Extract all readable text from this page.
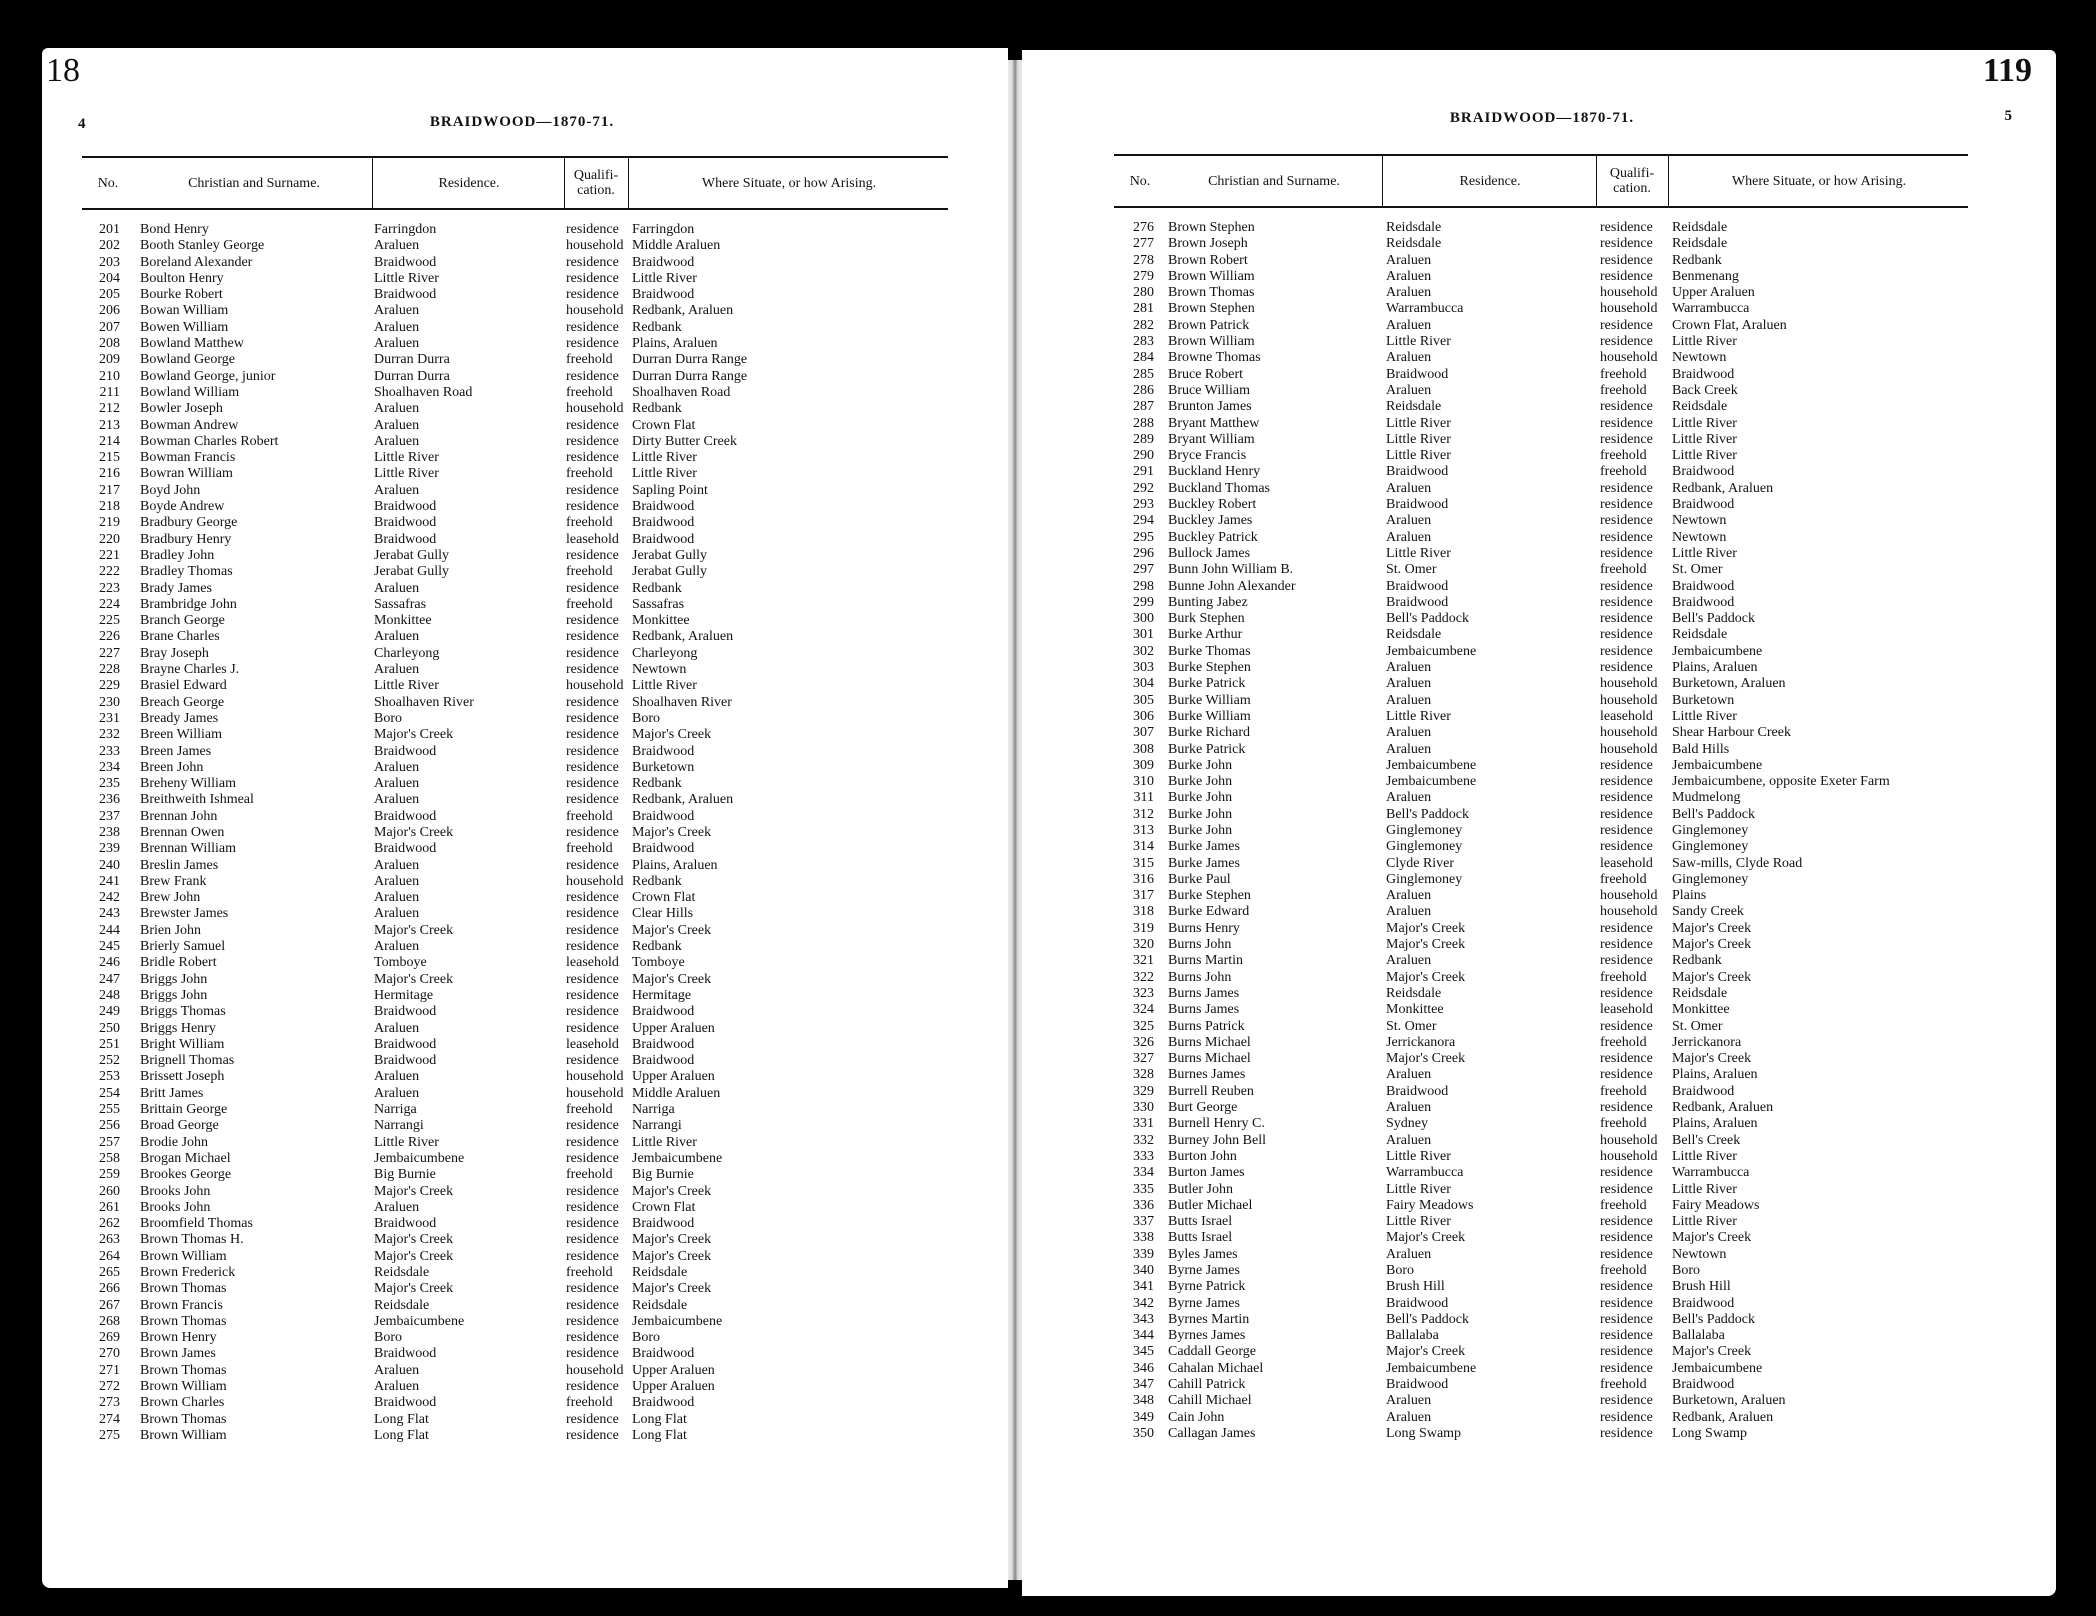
18
4	BRAIDWOOD—1870-71.
No.	Christian and Surname.	Residence.	Qualifi-cation.	Where Situate, or how Arising.
201 Bond Henry	Farringdon	residence Farringdon
202 Booth Stanley George	Araluen	household Middle Araluen
203 Boreland Alexander	Braidwood	residence Braidwood
204 Boulton Henry	Little River	residence Little River
205 Bourke Robert	Braidwood	residence Braidwood
206 Bowan William	Araluen	household Redbank, Araluen
207 Bowen William	Araluen	residence Redbank
208 Bowland Matthew	Araluen	residence Plains, Araluen
209 Bowland George	Durran Durra	freehold	Durran Durra Range
210 Bowland George, junior	Durran Durra	residence Durran Durra Range
211 Bowland William	Shoalhaven Road	freehold	Shoalhaven Road
212 Bowler Joseph	Araluen	household Redbank
213 Bowman Andrew	Araluen	residence Crown Flat
214 Bowman Charles Robert	Araluen	residence Dirty Butter Creek
215 Bowman Francis	Little River	residence Little River
216 Bowran William	Little River	freehold	Little River
217 Boyd John	Araluen	residence Sapling Point
218 Boyde Andrew	Braidwood	residence Braidwood
219 Bradbury George	Braidwood	freehold	Braidwood
220 Bradbury Henry	Braidwood	leasehold Braidwood
221 Bradley John	Jerabat Gully	residence Jerabat Gully
222 Bradley Thomas	Jerabat Gully	freehold	Jerabat Gully
223 Brady James	Araluen	residence Redbank
224 Brambridge John	Sassafras	freehold	Sassafras
225 Branch George	Monkittee	residence Monkittee
226 Brane Charles	Araluen	residence Redbank, Araluen
227 Bray Joseph	Charleyong	residence Charleyong
228 Brayne Charles J.	Araluen	residence Newtown
229 Brasiel Edward	Little River	household Little River
230 Breach George	Shoalhaven River	residence Shoalhaven River
231 Bready James	Boro	residence Boro
232 Breen William	Major's Creek	residence Major's Creek
233 Breen James	Braidwood	residence Braidwood
234 Breen John	Araluen	residence Burketown
235 Breheny William	Araluen	residence Redbank
236 Breithweith Ishmeal	Araluen	residence Redbank, Araluen
237 Brennan John	Braidwood	freehold	Braidwood
238 Brennan Owen	Major's Creek	residence Major's Creek
239 Brennan William	Braidwood	freehold	Braidwood
240 Breslin James	Araluen	residence Plains, Araluen
241 Brew Frank	Araluen	household Redbank
242 Brew John	Araluen	residence Crown Flat
243 Brewster James	Araluen	residence Clear Hills
244 Brien John	Major's Creek	residence Major's Creek
245 Brierly Samuel	Araluen	residence Redbank
246 Bridle Robert	Tomboye	leasehold Tomboye
247 Briggs John	Major's Creek	residence Major's Creek
248 Briggs John	Hermitage	residence Hermitage
249 Briggs Thomas	Braidwood	residence Braidwood
250 Briggs Henry	Araluen	residence Upper Araluen
251 Bright William	Braidwood	leasehold Braidwood
252 Brignell Thomas	Braidwood	residence Braidwood
253 Brissett Joseph	Araluen	household Upper Araluen
254 Britt James	Araluen	household Middle Araluen
255 Brittain George	Narriga	freehold	Narriga
256 Broad George	Narrangi	residence Narrangi
257 Brodie John	Little River	residence Little River
258 Brogan Michael	Jembaicumbene	residence Jembaicumbene
259 Brookes George	Big Burnie	freehold	Big Burnie
260 Brooks John	Major's Creek	residence Major's Creek
261 Brooks John	Araluen	residence Crown Flat
262 Broomfield Thomas	Braidwood	residence Braidwood
263 Brown Thomas H.	Major's Creek	residence Major's Creek
264 Brown William	Major's Creek	residence Major's Creek
265 Brown Frederick	Reidsdale	freehold	Reidsdale
266 Brown Thomas	Major's Creek	residence Major's Creek
267 Brown Francis	Reidsdale	residence Reidsdale
268 Brown Thomas	Jembaicumbene	residence Jembaicumbene
269 Brown Henry	Boro	residence Boro
270 Brown James	Braidwood	residence Braidwood
271 Brown Thomas	Araluen	household Upper Araluen
272 Brown William	Araluen	residence Upper Araluen
273 Brown Charles	Braidwood	freehold	Braidwood
274 Brown Thomas	Long Flat	residence Long Flat
275 Brown William	Long Flat	residence Long Flat
119
5
BRAIDWOOD—1870-71.
No.	Christian and Surname.	Residence.	Qualifi-cation.	Where Situate, or how Arising.
276 Brown Stephen	Reidsdale	residence	Reidsdale
277 Brown Joseph	Reidsdale	residence	Reidsdale
278 Brown Robert	Araluen	residence	Redbank
279 Brown William	Araluen	residence	Benmenang
280 Brown Thomas	Araluen	household	Upper Araluen
281 Brown Stephen	Warrambucca	household	Warrambucca
282 Brown Patrick	Araluen	residence	Crown Flat, Araluen
283 Brown William	Little River	residence	Little River
284 Browne Thomas	Araluen	household	Newtown
285 Bruce Robert	Braidwood	freehold	Braidwood
286 Bruce William	Araluen	freehold	Back Creek
287 Brunton James	Reidsdale	residence	Reidsdale
288 Bryant Matthew	Little River	residence	Little River
289 Bryant William	Little River	residence	Little River
290 Bryce Francis	Little River	freehold	Little River
291 Buckland Henry	Braidwood	freehold	Braidwood
292 Buckland Thomas	Araluen	residence	Redbank, Araluen
293 Buckley Robert	Braidwood	residence	Braidwood
294 Buckley James	Araluen	residence	Newtown
295 Buckley Patrick	Araluen	residence	Newtown
296 Bullock James	Little River	residence	Little River
297 Bunn John William B.	St. Omer	freehold	St. Omer
298 Bunne John Alexander	Braidwood	residence	Braidwood
299 Bunting Jabez	Braidwood	residence	Braidwood
300 Burk Stephen	Bell's Paddock	residence	Bell's Paddock
301 Burke Arthur	Reidsdale	residence	Reidsdale
302 Burke Thomas	Jembaicumbene	residence	Jembaicumbene
303 Burke Stephen	Araluen	residence	Plains, Araluen
304 Burke Patrick	Araluen	household	Burketown, Araluen
305 Burke William	Araluen	household	Burketown
306 Burke William	Little River	leasehold	Little River
307 Burke Richard	Araluen	household	Shear Harbour Creek
308 Burke Patrick	Araluen	household	Bald Hills
309 Burke John	Jembaicumbene	residence	Jembaicumbene
310 Burke John	Jembaicumbene	residence	Jembaicumbene, opposite Exeter Farm
311 Burke John	Araluen	residence	Mudmelong
312 Burke John	Bell's Paddock	residence	Bell's Paddock
313 Burke John	Ginglemoney	residence	Ginglemoney
314 Burke James	Ginglemoney	residence	Ginglemoney
315 Burke James	Clyde River	leasehold	Saw-mills, Clyde Road
316 Burke Paul	Ginglemoney	freehold	Ginglemoney
317 Burke Stephen	Araluen	household	Plains
318 Burke Edward	Araluen	household	Sandy Creek
319 Burns Henry	Major's Creek	residence	Major's Creek
320 Burns John	Major's Creek	residence	Major's Creek
321 Burns Martin	Araluen	residence	Redbank
322 Burns John	Major's Creek	freehold	Major's Creek
323 Burns James	Reidsdale	residence	Reidsdale
324 Burns James	Monkittee	leasehold	Monkittee
325 Burns Patrick	St. Omer	residence	St. Omer
326 Burns Michael	Jerrickanora	freehold	Jerrickanora
327 Burns Michael	Major's Creek	residence	Major's Creek
328 Burnes James	Araluen	residence	Plains, Araluen
329 Burrell Reuben	Braidwood	freehold	Braidwood
330 Burt George	Araluen	residence	Redbank, Araluen
331 Burnell Henry C.	Sydney	freehold	Plains, Araluen
332 Burney John Bell	Araluen	household	Bell's Creek
333 Burton John	Little River	household	Little River
334 Burton James	Warrambucca	residence	Warrambucca
335 Butler John	Little River	residence	Little River
336 Butler Michael	Fairy Meadows	freehold	Fairy Meadows
337 Butts Israel	Little River	residence	Little River
338 Butts Israel	Major's Creek	residence	Major's Creek
339 Byles James	Araluen	residence	Newtown
340 Byrne James	Boro	freehold	Boro
341 Byrne Patrick	Brush Hill	residence	Brush Hill
342 Byrne James	Braidwood	residence	Braidwood
343 Byrnes Martin	Bell's Paddock	residence	Bell's Paddock
344 Byrnes James	Ballalaba	residence	Ballalaba
345 Caddall George	Major's Creek	residence	Major's Creek
346 Cahalan Michael	Jembaicumbene	residence	Jembaicumbene
347 Cahill Patrick	Braidwood	freehold	Braidwood
348 Cahill Michael	Araluen	residence	Burketown, Araluen
349 Cain John	Araluen	residence	Redbank, Araluen
350 Callagan James	Long Swamp	residence	Long Swamp
